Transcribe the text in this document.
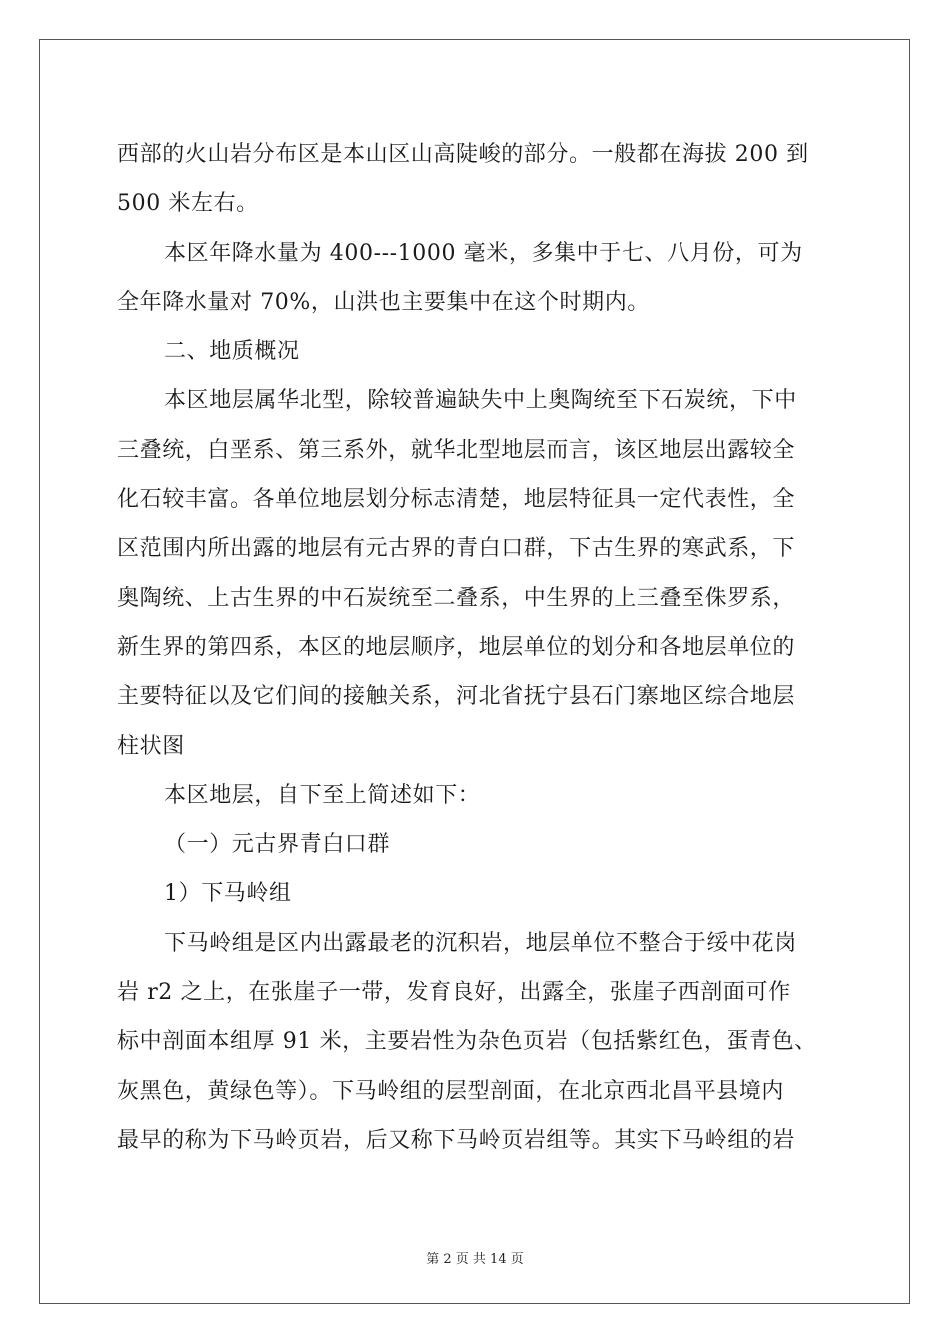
西部的火山岩分布区是本山区山高陡峻的部分。一般都在海拔 200 到
500 米左右。
本区年降水量为 400---1000 毫米，多集中于七、八月份，可为
全年降水量对 70%，山洪也主要集中在这个时期内。
二、地质概况
本区地层属华北型，除较普遍缺失中上奥陶统至下石炭统，下中
三叠统，白垩系、第三系外，就华北型地层而言，该区地层出露较全
化石较丰富。各单位地层划分标志清楚，地层特征具一定代表性，全
区范围内所出露的地层有元古界的青白口群，下古生界的寒武系，下
奥陶统、上古生界的中石炭统至二叠系，中生界的上三叠至侏罗系，
新生界的第四系，本区的地层顺序，地层单位的划分和各地层单位的
主要特征以及它们间的接触关系，河北省抚宁县石门寨地区综合地层
柱状图
本区地层，自下至上简述如下：
（一）元古界青白口群
1）下马岭组
下马岭组是区内出露最老的沉积岩，地层单位不整合于绥中花岗
岩 r2 之上，在张崖子一带，发育良好，出露全，张崖子西剖面可作
标中剖面本组厚 91 米，主要岩性为杂色页岩（包括紫红色，蛋青色、
灰黑色，黄绿色等）。下马岭组的层型剖面，在北京西北昌平县境内
最早的称为下马岭页岩，后又称下马岭页岩组等。其实下马岭组的岩
第 2 页 共 14 页
